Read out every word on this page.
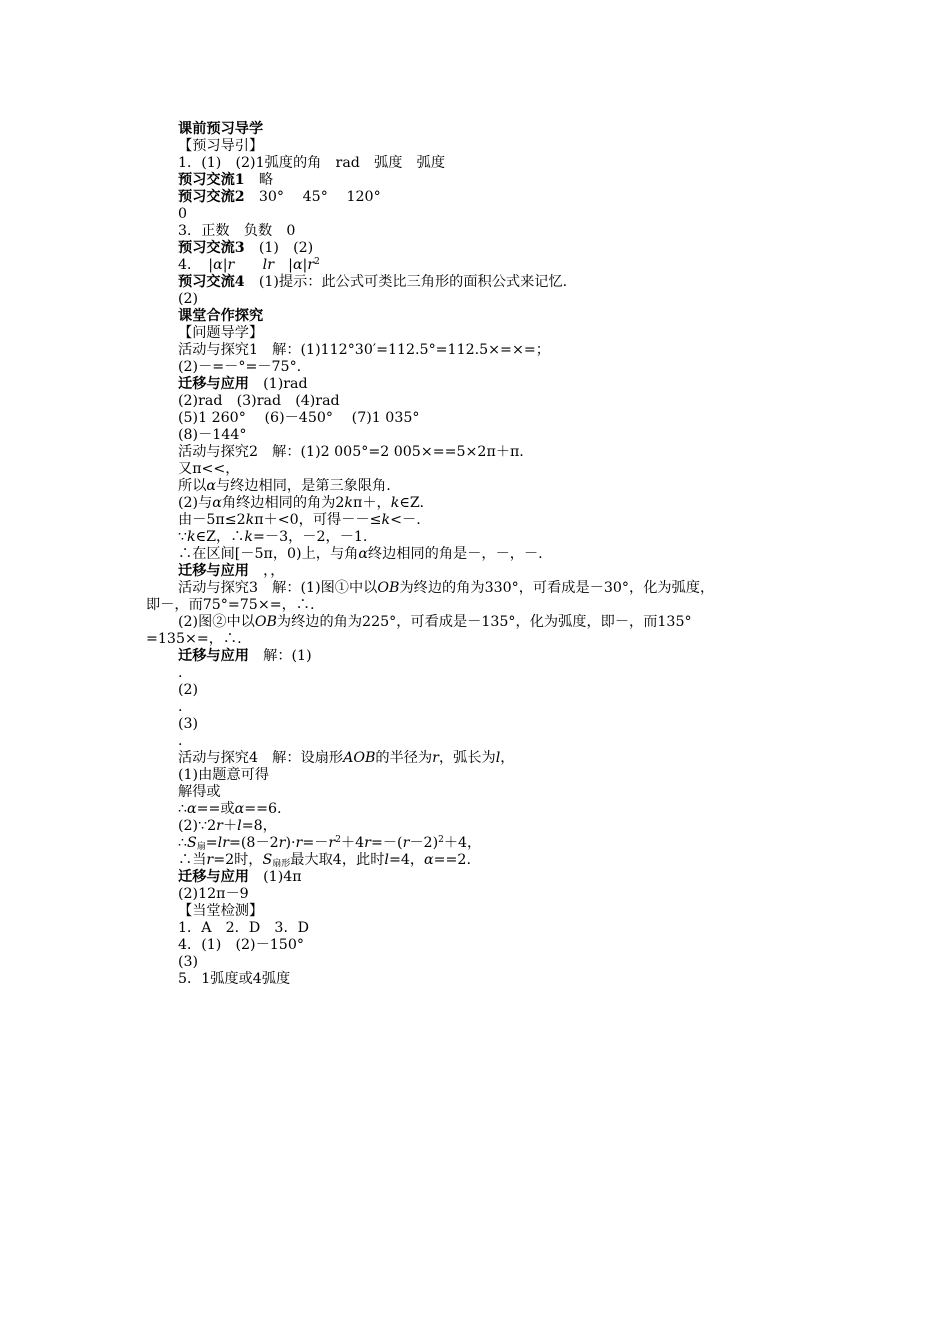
课前预习导学
【预习导引】
1．(1)　(2)1弧度的角　rad　弧度　弧度
预习交流1　略
预习交流2　30°　 45°　 120°
0
3．正数　负数　0
预习交流3　(1)　(2)
4．　|α|r　　 lr　$|\alpha|r^2$
预习交流4　(1)提示：此公式可类比三角形的面积公式来记忆.
(2)
课堂合作探究
【问题导学】
活动与探究1　解：(1)112°30′=112.5°=112.5×=×=；
(2)－=－°=－75°.
迁移与应用　(1)rad
(2)rad　(3)rad　(4)rad
(5)1 260°　 (6)－450°　 (7)1 035°
(8)－144°
活动与探究2　解：(1)2 005°=2 005×==5×2π＋π.
又π<<，
所以α与终边相同，是第三象限角.
(2)与α角终边相同的角为2kπ＋，k∈Z.
由－5π≤2kπ＋<0，可得－－≤k<－.
∵k∈Z，∴k=－3，－2，－1.
∴在区间[－5π，0)上，与角α终边相同的角是－，－，－.
迁移与应用　，，
活动与探究3　解：(1)图①中以OB为终边的角为330°，可看成是－30°，化为弧度，
即－，而75°=75×=，∴.
(2)图②中以OB为终边的角为225°，可看成是－135°，化为弧度，即－，而135°
=135×=，∴.
迁移与应用　解：(1)
.
(2)
.
(3)
.
活动与探究4　解：设扇形AOB的半径为r，弧长为l，
(1)由题意可得
解得或
∴α==或α==6.
(2)∵2r＋l=8，
$\therefore S_扇=lr=(8-2r)\cdot r=-r^2+4r=-(r-2)^2+4$，
∴当r=2时，$S_{扇形}$最大取4，此时l=4，α==2.
迁移与应用　(1)4π
(2)12π－9
【当堂检测】
1．A　2．D　3．D
4．(1)　(2)－150°
(3)
5．1弧度或4弧度
